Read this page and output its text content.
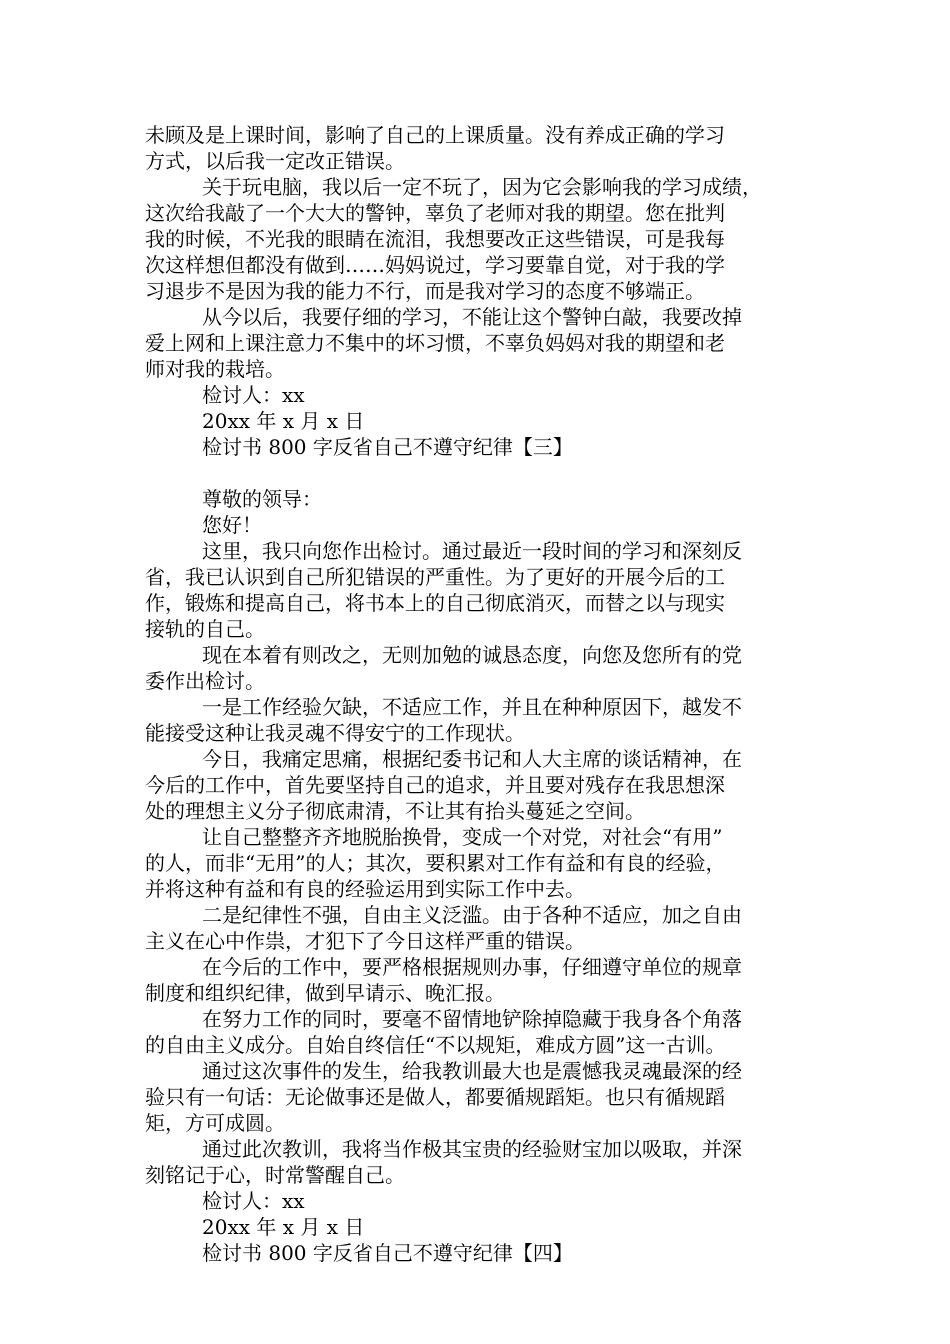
未顾及是上课时间，影响了自己的上课质量。没有养成正确的学习
方式，以后我一定改正错误。
关于玩电脑，我以后一定不玩了，因为它会影响我的学习成绩，
这次给我敲了一个大大的警钟，辜负了老师对我的期望。您在批判
我的时候，不光我的眼睛在流泪，我想要改正这些错误，可是我每
次这样想但都没有做到……妈妈说过，学习要靠自觉，对于我的学
习退步不是因为我的能力不行，而是我对学习的态度不够端正。
从今以后，我要仔细的学习，不能让这个警钟白敲，我要改掉
爱上网和上课注意力不集中的坏习惯，不辜负妈妈对我的期望和老
师对我的栽培。
检讨人：xx
20xx 年 x 月 x 日
检讨书 800 字反省自己不遵守纪律【三】
尊敬的领导：
您好！
这里，我只向您作出检讨。通过最近一段时间的学习和深刻反
省，我已认识到自己所犯错误的严重性。为了更好的开展今后的工
作，锻炼和提高自己，将书本上的自己彻底消灭，而替之以与现实
接轨的自己。
现在本着有则改之，无则加勉的诚恳态度，向您及您所有的党
委作出检讨。
一是工作经验欠缺，不适应工作，并且在种种原因下，越发不
能接受这种让我灵魂不得安宁的工作现状。
今日，我痛定思痛，根据纪委书记和人大主席的谈话精神，在
今后的工作中，首先要坚持自己的追求，并且要对残存在我思想深
处的理想主义分子彻底肃清，不让其有抬头蔓延之空间。
让自己整整齐齐地脱胎换骨，变成一个对党，对社会“有用”
的人，而非“无用”的人；其次，要积累对工作有益和有良的经验，
并将这种有益和有良的经验运用到实际工作中去。
二是纪律性不强，自由主义泛滥。由于各种不适应，加之自由
主义在心中作祟，才犯下了今日这样严重的错误。
在今后的工作中，要严格根据规则办事，仔细遵守单位的规章
制度和组织纪律，做到早请示、晚汇报。
在努力工作的同时，要毫不留情地铲除掉隐藏于我身各个角落
的自由主义成分。自始自终信任“不以规矩，难成方圆”这一古训。
通过这次事件的发生，给我教训最大也是震憾我灵魂最深的经
验只有一句话：无论做事还是做人，都要循规蹈矩。也只有循规蹈
矩，方可成圆。
通过此次教训，我将当作极其宝贵的经验财宝加以吸取，并深
刻铭记于心，时常警醒自己。
检讨人：xx
20xx 年 x 月 x 日
检讨书 800 字反省自己不遵守纪律【四】
